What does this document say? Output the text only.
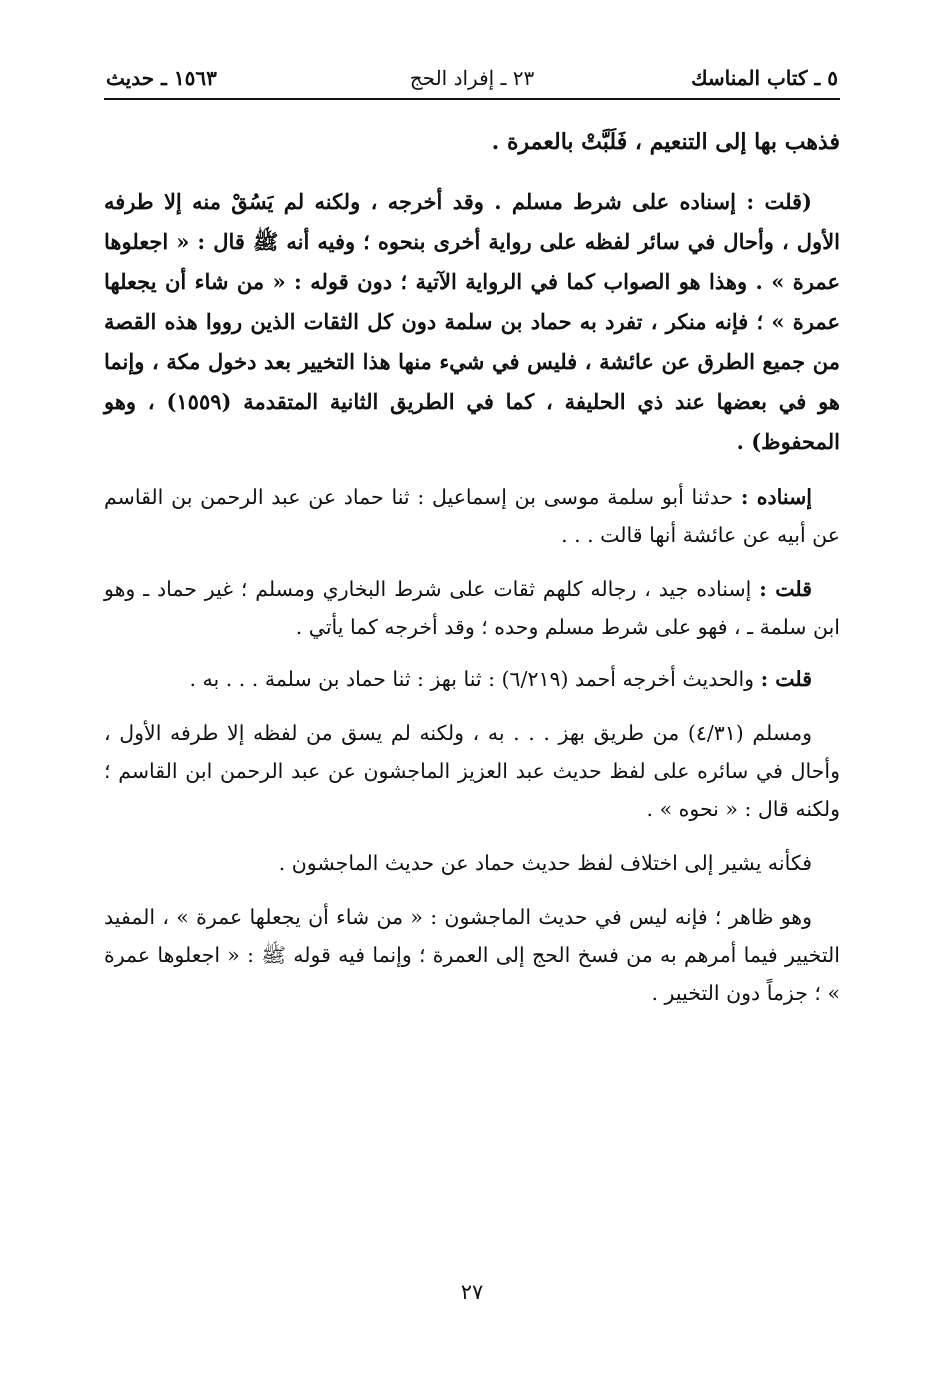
٥ ـ كتاب المناسك
٢٣ ـ إفراد الحج
١٥٦٣ ـ حديث

فذهب بها إلى التنعيم ، فَلَبَّتْ بالعمرة .

(قلت : إسناده على شرط مسلم . وقد أخرجه ، ولكنه لم يَسُقْ منه إلا طرفه الأول ، وأحال في سائر لفظه على رواية أخرى بنحوه ؛ وفيه أنه ﷺ قال : « اجعلوها عمرة » . وهذا هو الصواب كما في الرواية الآتية ؛ دون قوله : « من شاء أن يجعلها عمرة » ؛ فإنه منكر ، تفرد به حماد بن سلمة دون كل الثقات الذين رووا هذه القصة من جميع الطرق عن عائشة ، فليس في شيء منها هذا التخيير بعد دخول مكة ، وإنما هو في بعضها عند ذي الحليفة ، كما في الطريق الثانية المتقدمة (١٥٥٩) ، وهو المحفوظ) .

إسناده : حدثنا أبو سلمة موسى بن إسماعيل : ثنا حماد عن عبد الرحمن بن القاسم عن أبيه عن عائشة أنها قالت . . .

قلت : إسناده جيد ، رجاله كلهم ثقات على شرط البخاري ومسلم ؛ غير حماد ـ وهو ابن سلمة ـ ، فهو على شرط مسلم وحده ؛ وقد أخرجه كما يأتي .

قلت : والحديث أخرجه أحمد (٦/٢١٩) : ثنا بهز : ثنا حماد بن سلمة . . . به .

ومسلم (٤/٣١) من طريق بهز . . . به ، ولكنه لم يسق من لفظه إلا طرفه الأول ، وأحال في سائره على لفظ حديث عبد العزيز الماجشون عن عبد الرحمن ابن القاسم ؛ ولكنه قال : « نحوه » .

فكأنه يشير إلى اختلاف لفظ حديث حماد عن حديث الماجشون .

وهو ظاهر ؛ فإنه ليس في حديث الماجشون : « من شاء أن يجعلها عمرة » ، المفيد التخيير فيما أمرهم به من فسخ الحج إلى العمرة ؛ وإنما فيه قوله ﷺ : « اجعلوها عمرة » ؛ جزماً دون التخيير .

٢٧
